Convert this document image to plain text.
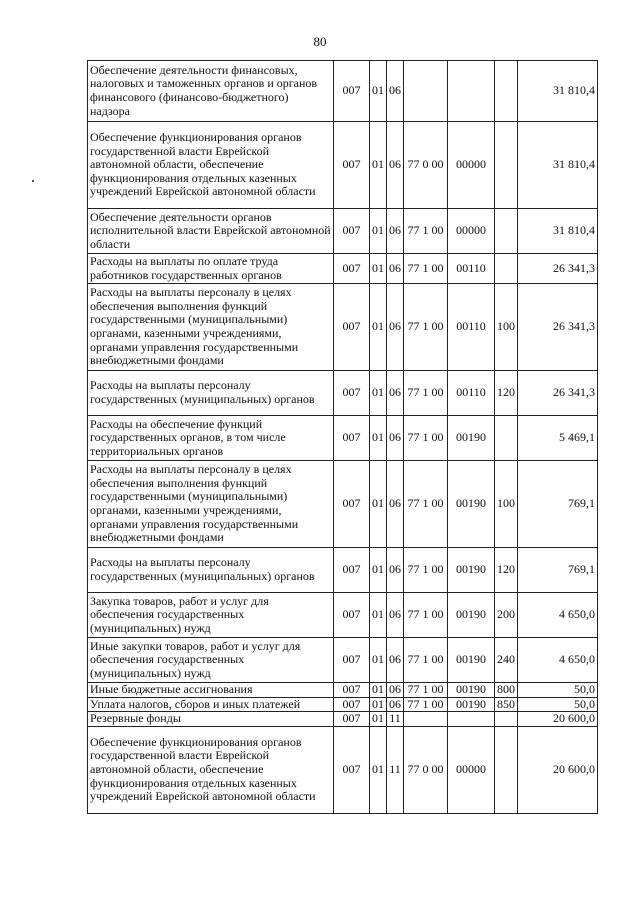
80
Обеспечение деятельности финансовых, налоговых и таможенных органов и органов финансового (финансово-бюджетного) надзора	007	01	06				31 810,4
Обеспечение функционирования органов государственной власти Еврейской автономной области, обеспечение функционирования отдельных казенных учреждений Еврейской автономной области	007	01	06	77 0 00	00000		31 810,4
Обеспечение деятельности органов исполнительной власти Еврейской автономной области	007	01	06	77 1 00	00000		31 810,4
Расходы на выплаты по оплате труда работников государственных органов	007	01	06	77 1 00	00110		26 341,3
Расходы на выплаты персоналу в целях обеспечения выполнения функций государственными (муниципальными) органами, казенными учреждениями, органами управления государственными внебюджетными фондами	007	01	06	77 1 00	00110	100	26 341,3
Расходы на выплаты персоналу государственных (муниципальных) органов	007	01	06	77 1 00	00110	120	26 341,3
Расходы на обеспечение функций государственных органов, в том числе территориальных органов	007	01	06	77 1 00	00190		5 469,1
Расходы на выплаты персоналу в целях обеспечения выполнения функций государственными (муниципальными) органами, казенными учреждениями, органами управления государственными внебюджетными фондами	007	01	06	77 1 00	00190	100	769,1
Расходы на выплаты персоналу государственных (муниципальных) органов	007	01	06	77 1 00	00190	120	769,1
Закупка товаров, работ и услуг для обеспечения государственных (муниципальных) нужд	007	01	06	77 1 00	00190	200	4 650,0
Иные закупки товаров, работ и услуг для обеспечения государственных (муниципальных) нужд	007	01	06	77 1 00	00190	240	4 650,0
Иные бюджетные ассигнования	007	01	06	77 1 00	00190	800	50,0
Уплата налогов, сборов и иных платежей	007	01	06	77 1 00	00190	850	50,0
Резервные фонды	007	01	11				20 600,0
Обеспечение функционирования органов государственной власти Еврейской автономной области, обеспечение функционирования отдельных казенных учреждений Еврейской автономной области	007	01	11	77 0 00	00000		20 600,0
